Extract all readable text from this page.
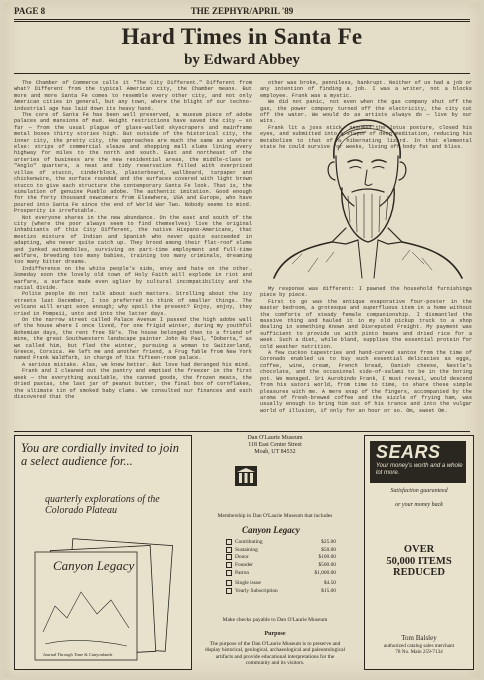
PAGE 8	THE ZEPHYR/APRIL '89
Hard Times in Santa Fe
by Edward Abbey

The Chamber of Commerce calls it "The City Different." Different from what? Different from the typical American city, the Chamber means. But more and more Santa Fe comes to resemble every other city, and not only American cities in general, but any town, where the blight of our techno-industrial age has laid down its heavy hand.

The core of Santa Fe has been well preserved, a museum piece of adobe palaces and mansions of mud. Height restrictions have saved the city — so far — from the usual plague of glass-walled skyscrapers and mainframe metal boxes thirty stories high. But outside of the historical city, the inner city, the pretty city, the approaches are much the same as anywhere else: strips of commercial sleaze and shopping mall slums lining every highway for miles to the north and south. East and northeast of the arteries of business are the new residential areas, the middle-class or "Anglo" quarters, a neat and tidy reservation filled with overpriced villas of stucco, cinderblock, plasterboard, wallboard, tarpaper and chickenwire, the surface rounded and the surfaces covered with light brown stucco to give each structure the contemporary Santa Fe look. That is, the simulation of genuine Pueblo adobe. The authentic imitation. Good enough for the forty thousand newcomers from Elsewhere, USA and Europe, who have poured into Santa Fe since the end of World War Two. Nobody seems to mind. Prosperity is irrefutable.

Not everyone shares in the new abundance. On the east and south of the city (where the poor always seem to find themselves) live the original inhabitants of this City Different, the native Hispano-Americans, that mestizo mixture of Indian and Spanish who never quite succeeded in adapting, who never quite catch up. They brood among their flat-roof slums and junked automobiles, surviving on part-time employment and full-time welfare, breeding too many babies, training too many criminals, dreaming too many bitter dreams.

Indifference on the white people's side, envy and hate on the other. Someday soon the lovely old town of Holy Faith will explode in riot and warfare, a surface made even uglier by cultural incompatibility and the racial divide.

Polite people do not talk about such matters. Strolling about the icy streets last December, I too preferred to think of smaller things. The volcano will erupt soon enough; why spoil the present? Enjoy, enjoy, they cried in Pompeii, unto and into the latter days.

On the narrow street called Palace Avenue I passed the high adobe wall of the house where I once lived, for one frigid winter, during my youthful Bohemian days, the rent free 50's. The house belonged then to a friend of mine, the great Southwestern landscape painter John Ru Paul, "Doberta," as we called him, but fled the winter, pursuing a woman to Switzerland, Greece, Corsica. He left me and another friend, a Frug fable from New York named Frank Waldfarb, in charge of his fifteen-room palace.

A serious mistake. Alas, we knew better. But love had deranged his mind.

Frank and I cleaned out the pantry and emptied the freezer in the first week — the everything available, the canned goods, the frozen meats, the dried pastas, the last jar of peanut butter, the final box of cornflakes, the ultimate tin of smoked baby clams. We consulted our finances and each discovered that the

other was broke, penniless, bankrupt. Neither of us had a job or any intention of finding a job. I was a writer, not a blocks employee. Frank was a mystic.

We did not panic, not even when the gas company shut off the gas, the power company turned off the electricity, the city cut off the water. We would do as artists always do — live by our wits.

Frank lit a joss stick, assumed the lotus posture, closed his eyes, and submitted into a stupor of deep meditation, reducing his metabolism to that of a hibernating lizard. In that elemental state he could survive for weeks, living off body fat and bliss.

My response was different: I pawned the household furnishings piece by piece.

First to go was the antique evaporative four-poster in the master bedroom, a grotesque and superfluous item in a home without the comforts of steady female companionship. I dismantled the massive thing and hauled it in my old pickup truck to a shop dealing in something Known and Disreputed Freight. My payment was sufficient to provide us with pinto beans and dried rice for a week. Such a diet, while bland, supplies the essential protein for cold weather nutrition.

A few cuckoo tapestries and hand-carved santos from the time of Coronado enabled us to buy such essential delicacies as eggs, coffee, wine, cream, French bread, Danish cheese, Nestle's chocolate, and the occasional side-of-salami to be in the boring pot. We managed. Sri Aurobindo Frank, I must reveal, would descend from his satori world, from time to time, to share these simple pleasures with me. A mere snap of the fingers, accompanied by the aroma of fresh-brewed coffee and the sizzle of frying ham, was usually enough to bring him out of his trance and into the vulgar world of illusion, if only for an hour or so. Om, sweet Om.

You are cordially invited to join a select audience for...
quarterly explorations of the Colorado Plateau
Canyon Legacy
Journal Through Time & Canyonlands
Dan O'Laurie Museum
118 East Center Street
Moab, UT 84532
Membership in Dan O'Laurie Museum that includes
Canyon Legacy
Contributing	$25.00
Sustaining	$50.00
Donor	$100.00
Founder	$500.00
Patron	$1,000.00
Single issue	$4.50
Yearly Subscription	$15.00
Make checks payable to Dan O'Laurie Museum
Purpose
The purpose of the Dan O'Laurie Museum is to preserve and display historical, geological, archaeological and paleontological artifacts and provide educational interpretations for the community and its visitors.
SEARS
Your money's worth and a whole lot more.
Satisfaction guaranteed
or your money back
OVER
50,000 ITEMS
REDUCED
Tom Balsley
authorized catalog sales merchant
78 No. Main 259-7134
